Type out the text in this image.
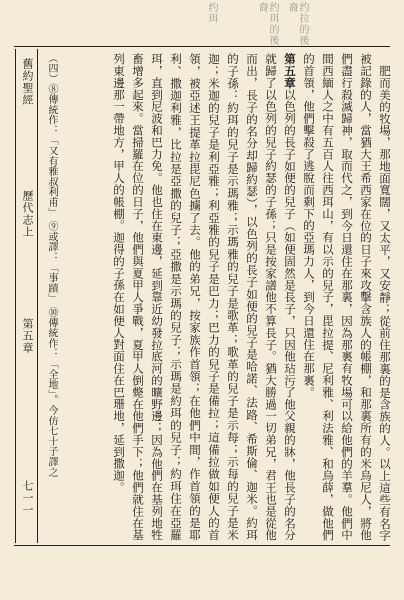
约拉的後裔
约珥的後裔
约珥
舊約聖經
歷代志上
第五章
七一一	肥而美的牧場，那地面寬闊，又太平，又安靜；從前住那裏的是含族的人。以上這些有名字被記錄的人，當猶大王希西家在位的日子來攻擊含族人的帳棚，和那裏所有的米烏尼人，將他們盡行殺滅歸神，取而代之，到今日還住在那裏，因為那裏有牧場可以給他們的羊羣。他們中間西緬人之中有五百人往西珥山，有以示的兒子，毘拉提、尼利雅、利法雅、和烏薛，做他們的首領，他們擊殺了逃脫而剩下的亞瑪力人，到今日還住在那裏。

第五章以色列的長子如便的兒子（如便固然是長子，只因他玷污了他父親的牀，他長子的名分就歸了以色列的兒子約瑟的子孫；只是按家譜他不算長子。猶大勝過一切弟兄，君王也是從他而出，長子的名分却歸約瑟），以色列的長子如便的兒子是哈諾、法路、希斯倫、迦米。約珥的子孫：約珥的兒子是示瑪雅；示瑪雅的兒子是歌革；歌革的兒子是示每；示每的兒子是米迦；米迦的兒子是利亞雅；利亞雅的兒子是巴力；巴力的兒子是備拉；這備拉做如便人的首領，被亞述王提革拉毘尼色擄了去。他的弟兄，按家族作首領；在他們中間，作首領的是耶利、撒迦利雅，比拉是亞撒的兒子；亞撒是示瑪的兒子；示瑪是約珥的兒子；約珥住在亞羅珥，直到尼波和巴力免。他也住在東邊，延到靠近幼發拉底河的曠野邊；因為他們在基列地牲畜增多起來。當掃羅在位的日子，他們與夏甲人爭戰，夏甲人倒斃在他們手下；他們就住在基列東邊那一帶地方，甲人的帳棚。迦得的子孫在如便人對面住在巴珊地，延到撒迦。

（四）⑧傳統作：「又有雅叔利甫」 ⑨或譯：「事蹟」 ⑩傳統作：「全地」。今仿七十子譯之
